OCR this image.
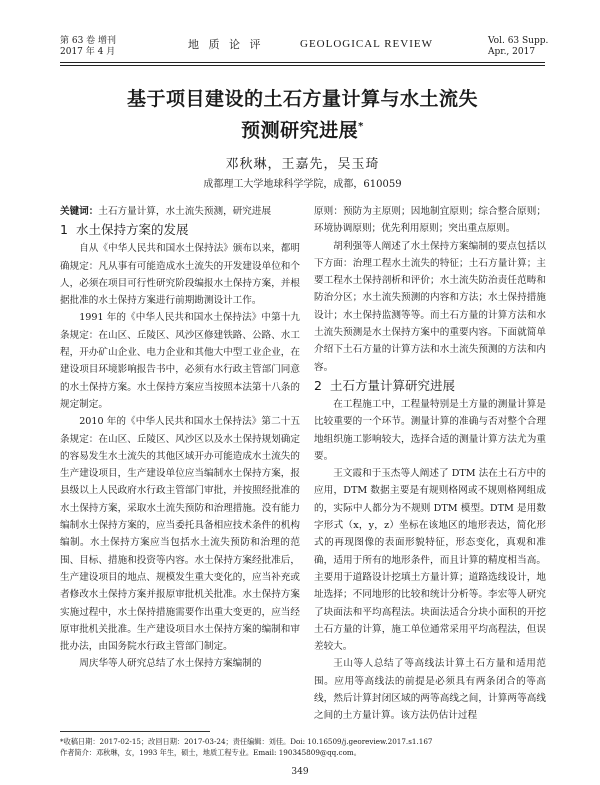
第 63 卷 增刊
2017 年 4 月
地 质 论 评	GEOLOGICAL REVIEW	Vol. 63 Supp.
Apr., 2017
基于项目建设的土石方量计算与水土流失
预测研究进展*
邓秋琳，王嘉先，吴玉琦
成都理工大学地球科学学院，成都，610059

关键词：土石方量计算，水土流失预测，研究进展

1 水土保持方案的发展

自从《中华人民共和国水土保持法》颁布以来，都明确规定：凡从事有可能造成水土流失的开发建设单位和个人，必须在项目可行性研究阶段编报水土保持方案，并根据批准的水土保持方案进行前期勘测设计工作。

1991 年的《中华人民共和国水土保持法》中第十九条规定：在山区、丘陵区、风沙区修建铁路、公路、水工程，开办矿山企业、电力企业和其他大中型工业企业，在建设项目环境影响报告书中，必须有水行政主管部门同意的水土保持方案。水土保持方案应当按照本法第十八条的规定制定。

2010 年的《中华人民共和国水土保持法》第二十五条规定：在山区、丘陵区、风沙区以及水土保持规划确定的容易发生水土流失的其他区域开办可能造成水土流失的生产建设项目，生产建设单位应当编制水土保持方案，报县级以上人民政府水行政主管部门审批，并按照经批准的水土保持方案，采取水土流失预防和治理措施。没有能力编制水土保持方案的，应当委托具备相应技术条件的机构编制。水土保持方案应当包括水土流失预防和治理的范围、目标、措施和投资等内容。水土保持方案经批准后，生产建设项目的地点、规模发生重大变化的，应当补充或者修改水土保持方案并报原审批机关批准。水土保持方案实施过程中，水土保持措施需要作出重大变更的，应当经原审批机关批准。生产建设项目水土保持方案的编制和审批办法，由国务院水行政主管部门制定。

周庆华等人研究总结了水土保持方案编制的

原则：预防为主原则；因地制宜原则；综合整合原则；环境协调原则；优先利用原则；突出重点原则。

胡利强等人阐述了水土保持方案编制的要点包括以下方面：治理工程水土流失的特征；土石方量计算；主要工程水土保持剖析和评价；水土流失防治责任范畴和防治分区；水土流失预测的内容和方法；水土保持措施设计；水土保持监测等等。而土石方量的计算方法和水土流失预测是水土保持方案中的重要内容。下面就简单介绍下土石方量的计算方法和水土流失预测的方法和内容。

2 土石方量计算研究进展

在工程施工中，工程量特别是土方量的测量计算是比较重要的一个环节。测量计算的准确与否对整个合理地组织施工影响较大，选择合适的测量计算方法尤为重要。

王文霞和于玉杰等人阐述了 DTM 法在土石方中的应用，DTM 数据主要是有规则格网或不规则格网组成的，实际中人都分为不规则 DTM 模型。DTM 是用数字形式（x，y，z）坐标在该地区的地形表达，简化形式的再现图像的表面形貌特征，形态变化，真观和准确，适用于所有的地形条件，而且计算的精度相当高。主要用于道路设计挖填土方量计算；道路选线设计，地址选择；不同地形的比较和统计分析等。李宏等人研究了块面法和平均高程法。块面法适合分块小面积的开挖土石方量的计算，施工单位通常采用平均高程法，但误差较大。

王山等人总结了等高线法计算土石方量和适用范围。应用等高线法的前提是必须具有两条闭合的等高线，然后计算封闭区域的两等高线之间，计算两等高线之间的土方量计算。该方法仍估计过程

*收稿日期：2017-02-15；改回日期：2017-03-24；责任编辑：刘佳。Doi: 10.16509/j.georeview.2017.s1.167
作者简介：邓秋琳，女，1993 年生，硕士，地质工程专业。Email: 190345809@qq.com。
349
